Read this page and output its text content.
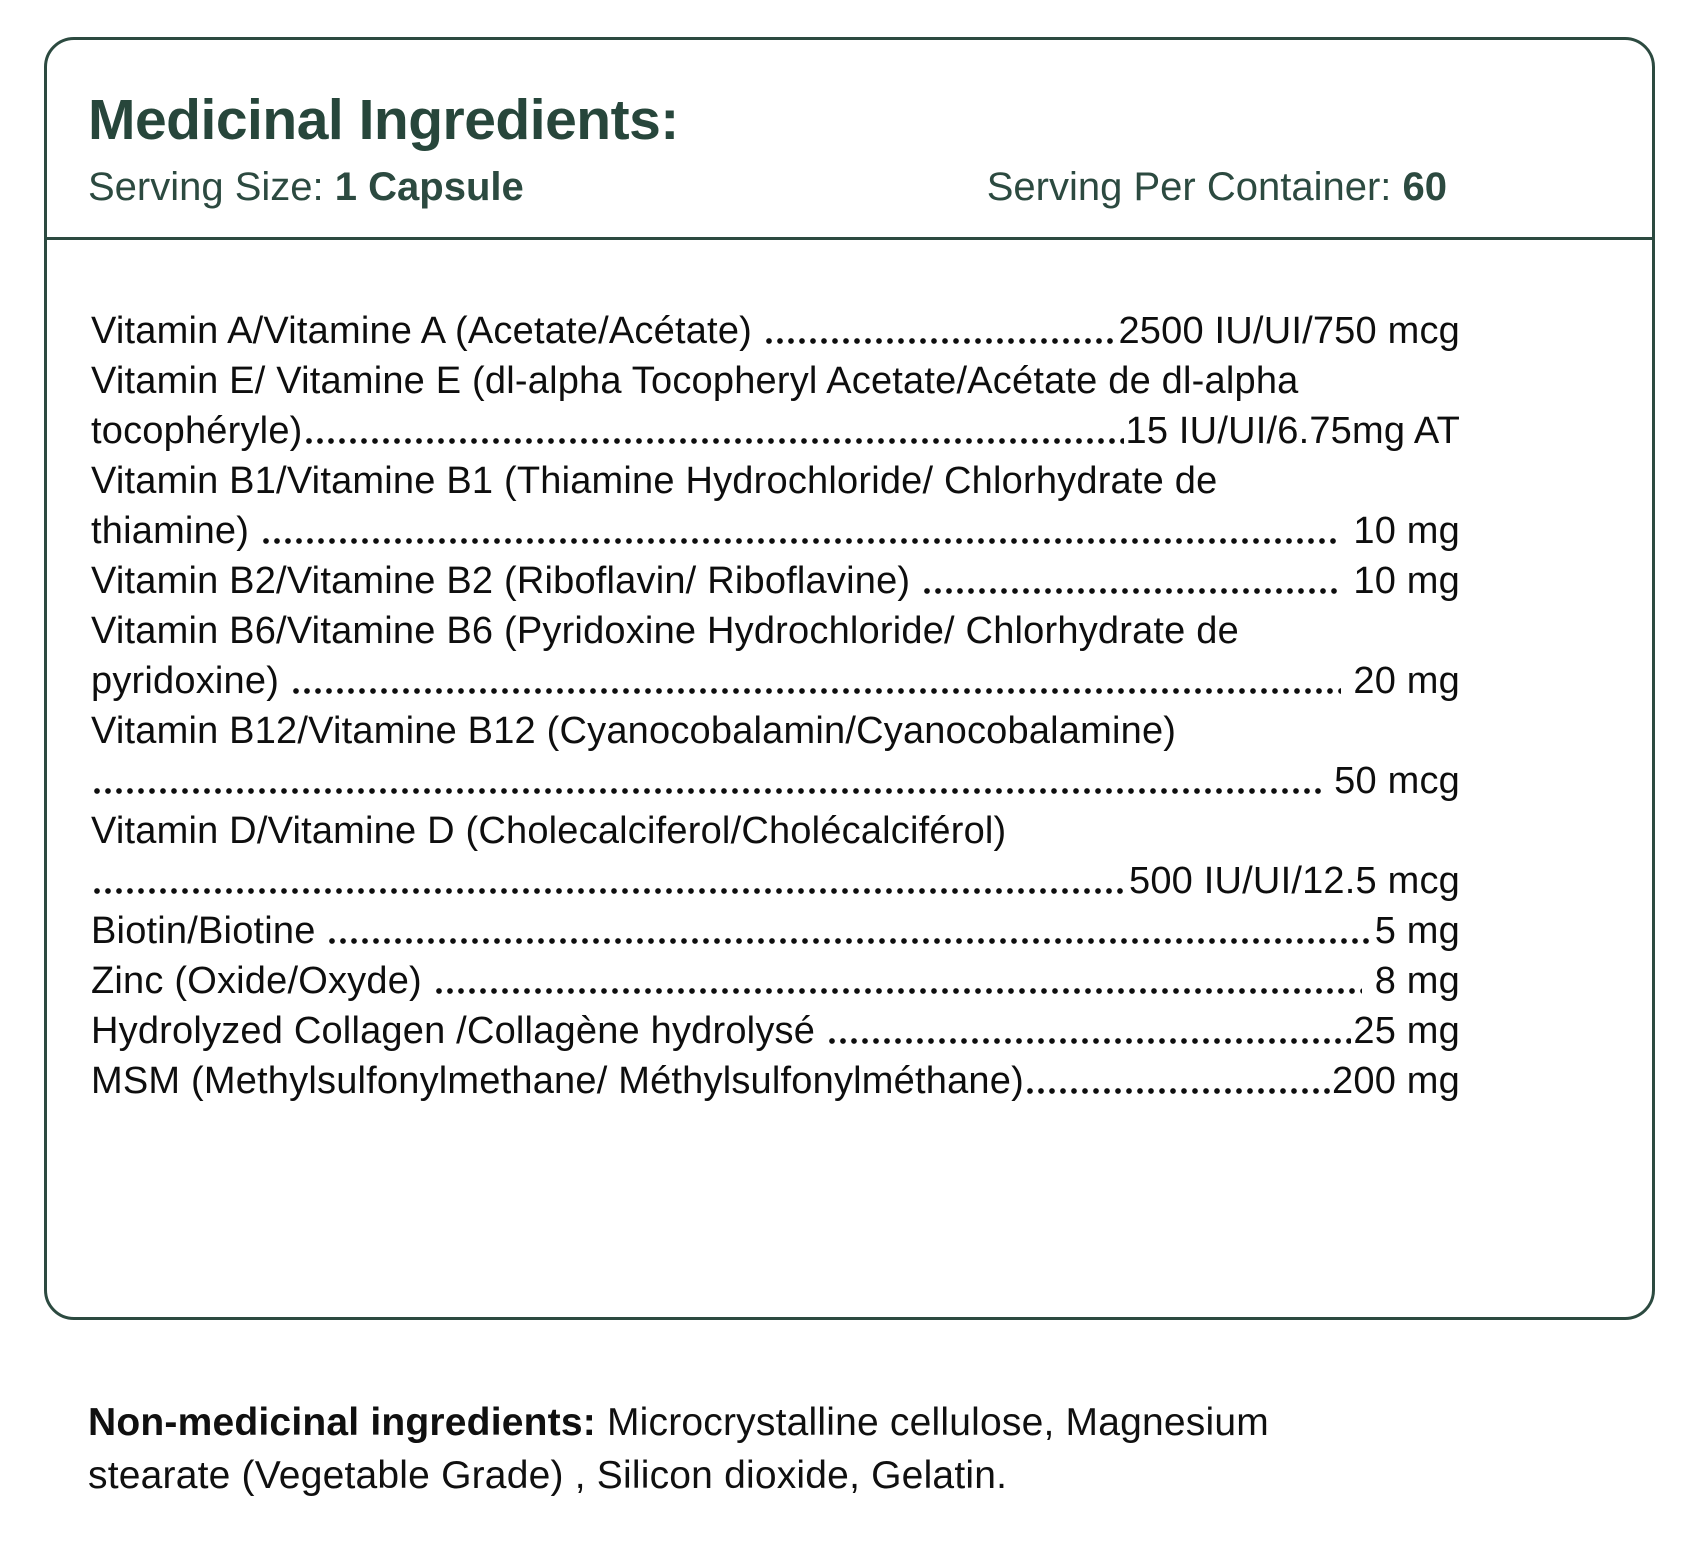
Medicinal Ingredients:
Serving Size: 1 Capsule	Serving Per Container: 60
Vitamin A/Vitamine A (Acetate/Acétate)	2500 IU/UI/750 mcg
Vitamin E/ Vitamine E (dl-alpha Tocopheryl Acetate/Acétate de dl-alpha
tocophéryle)	15 IU/UI/6.75mg AT
Vitamin B1/Vitamine B1 (Thiamine Hydrochloride/ Chlorhydrate de
thiamine)	10 mg
Vitamin B2/Vitamine B2 (Riboflavin/ Riboflavine)	10 mg
Vitamin B6/Vitamine B6 (Pyridoxine Hydrochloride/ Chlorhydrate de
pyridoxine)	20 mg
Vitamin B12/Vitamine B12 (Cyanocobalamin/Cyanocobalamine)
50 mcg
Vitamin D/Vitamine D (Cholecalciferol/Cholécalciférol)
500 IU/UI/12.5 mcg
Biotin/Biotine	5 mg
Zinc (Oxide/Oxyde)	8 mg
Hydrolyzed Collagen /Collagène hydrolysé	25 mg
MSM (Methylsulfonylmethane/ Méthylsulfonylméthane)	200 mg
Non-medicinal ingredients: Microcrystalline cellulose, Magnesium
stearate (Vegetable Grade) , Silicon dioxide, Gelatin.
